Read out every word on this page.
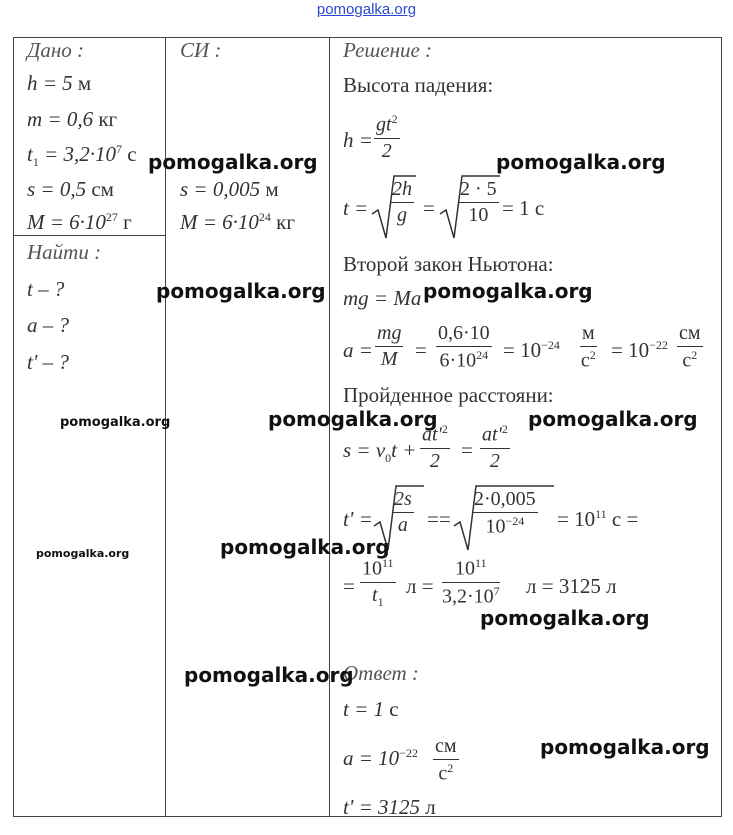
pomogalka.org
Дано :
h = 5 м
m = 0,6 кг
$t_1 = 3,2\cdot 10^7$ с
s = 0,5 см
$M = 6\cdot 10^{27}$ г
Найти :
t – ?
a – ?
t' – ?
СИ :
s = 0,005 м
$M = 6\cdot 10^{24}$ кг
Решение :
Высота падения:
$h = \frac{gt^2}{2}$
$t = \frac{2h}{g} = \frac{2 \cdot 5}{10} = 1$ с
Второй закон Ньютона:
mg = Ma
$a = \frac{mg}{M} = \frac{0,6\cdot 10}{6\cdot 10^{24}} = 10^{-24}$
м
$с^2 = 10^{-22}$
см
$с^2$
Пройденное расстояни:
$s = v_0t + \frac{at'^2}{2} = \frac{at'^2}{2}$
$t' = \frac{2s}{a} == \frac{2\cdot 0,005}{10^{-24}} = 10^{11}$ с =
= $\frac{10^{11}}{t_1}$ $л = \frac{10^{11}}{3,2\cdot 10^7}$ л = 3125 л
Ответ :
t = 1 с
$a = 10^{-22}$ см
$с^2$
t' = 3125 л
pomogalka.org	pomogalka.org
pomogalka.org	pomogalka.org
pomogalka.org	pomogalka.org	pomogalka.org
pomogalka.org	pomogalka.org
pomogalka.org
pomogalka.org
pomogalka.org
